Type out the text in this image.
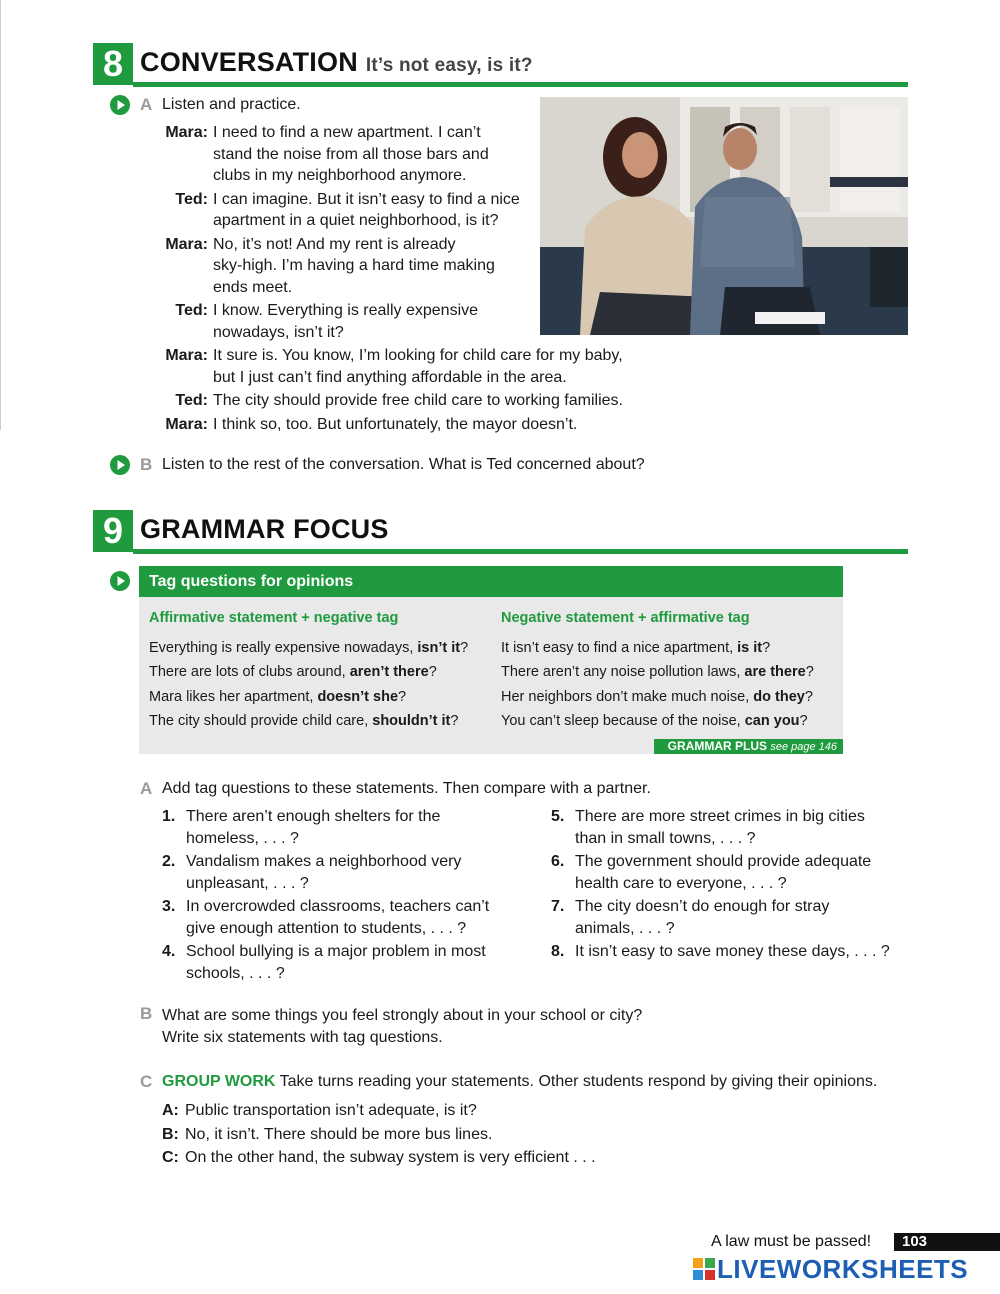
8 CONVERSATION It’s not easy, is it?
A Listen and practice.
Mara: I need to find a new apartment. I can’t
stand the noise from all those bars and
clubs in my neighborhood anymore.
Ted: I can imagine. But it isn’t easy to find a nice
apartment in a quiet neighborhood, is it?
Mara: No, it’s not! And my rent is already
sky-high. I’m having a hard time making
ends meet.
Ted: I know. Everything is really expensive
nowadays, isn’t it?
Mara: It sure is. You know, I’m looking for child care for my baby,
but I just can’t find anything affordable in the area.
Ted: The city should provide free child care to working families.
Mara: I think so, too. But unfortunately, the mayor doesn’t.
B Listen to the rest of the conversation. What is Ted concerned about?
9 GRAMMAR FOCUS
Tag questions for opinions
Affirmative statement + negative tag
Everything is really expensive nowadays, isn’t it?
There are lots of clubs around, aren’t there?
Mara likes her apartment, doesn’t she?
The city should provide child care, shouldn’t it?
Negative statement + affirmative tag
It isn’t easy to find a nice apartment, is it?
There aren’t any noise pollution laws, are there?
Her neighbors don’t make much noise, do they?
You can’t sleep because of the noise, can you?
GRAMMAR PLUS see page 146
A Add tag questions to these statements. Then compare with a partner.
1. There aren’t enough shelters for the
homeless, . . . ?
2. Vandalism makes a neighborhood very
unpleasant, . . . ?
3. In overcrowded classrooms, teachers can’t
give enough attention to students, . . . ?
4. School bullying is a major problem in most
schools, . . . ?
5. There are more street crimes in big cities
than in small towns, . . . ?
6. The government should provide adequate
health care to everyone, . . . ?
7. The city doesn’t do enough for stray
animals, . . . ?
8. It isn’t easy to save money these days, . . . ?
B What are some things you feel strongly about in your school or city?
Write six statements with tag questions.
C GROUP WORK Take turns reading your statements. Other students respond by giving their opinions.
A: Public transportation isn’t adequate, is it?
B: No, it isn’t. There should be more bus lines.
C: On the other hand, the subway system is very efficient . . .
A law must be passed!	103
LIVEWORKSHEETS
